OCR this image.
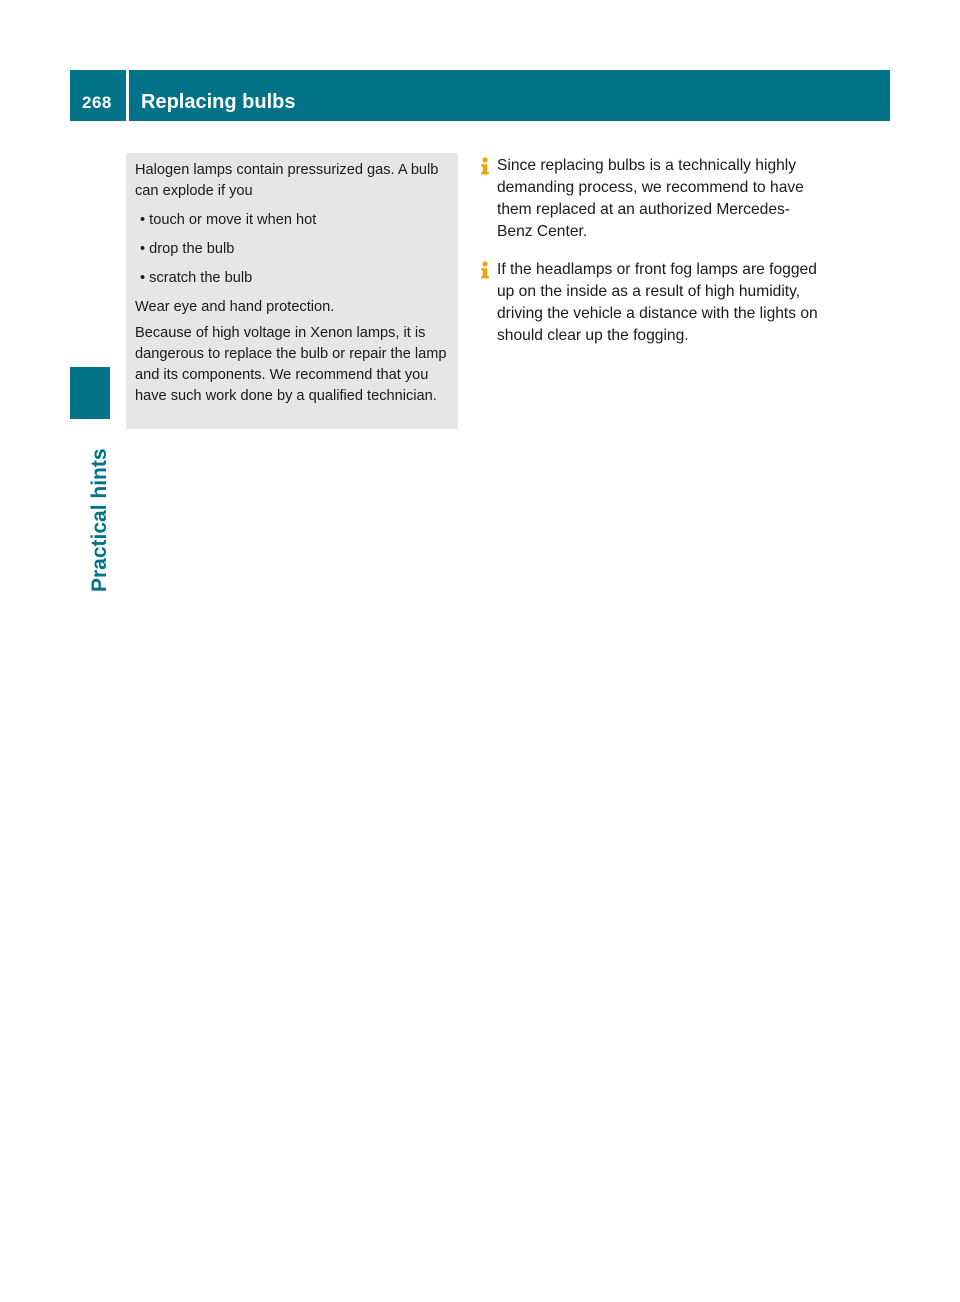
268 Replacing bulbs
Practical hints

Halogen lamps contain pressurized gas. A bulb can explode if you

• touch or move it when hot

• drop the bulb

• scratch the bulb

Wear eye and hand protection.

Because of high voltage in Xenon lamps, it is dangerous to replace the bulb or repair the lamp and its components. We recommend that you have such work done by a qualified technician.

Since replacing bulbs is a technically highly demanding process, we recommend to have them replaced at an authorized Mercedes-Benz Center.
If the headlamps or front fog lamps are fogged up on the inside as a result of high humidity, driving the vehicle a distance with the lights on should clear up the fogging.
